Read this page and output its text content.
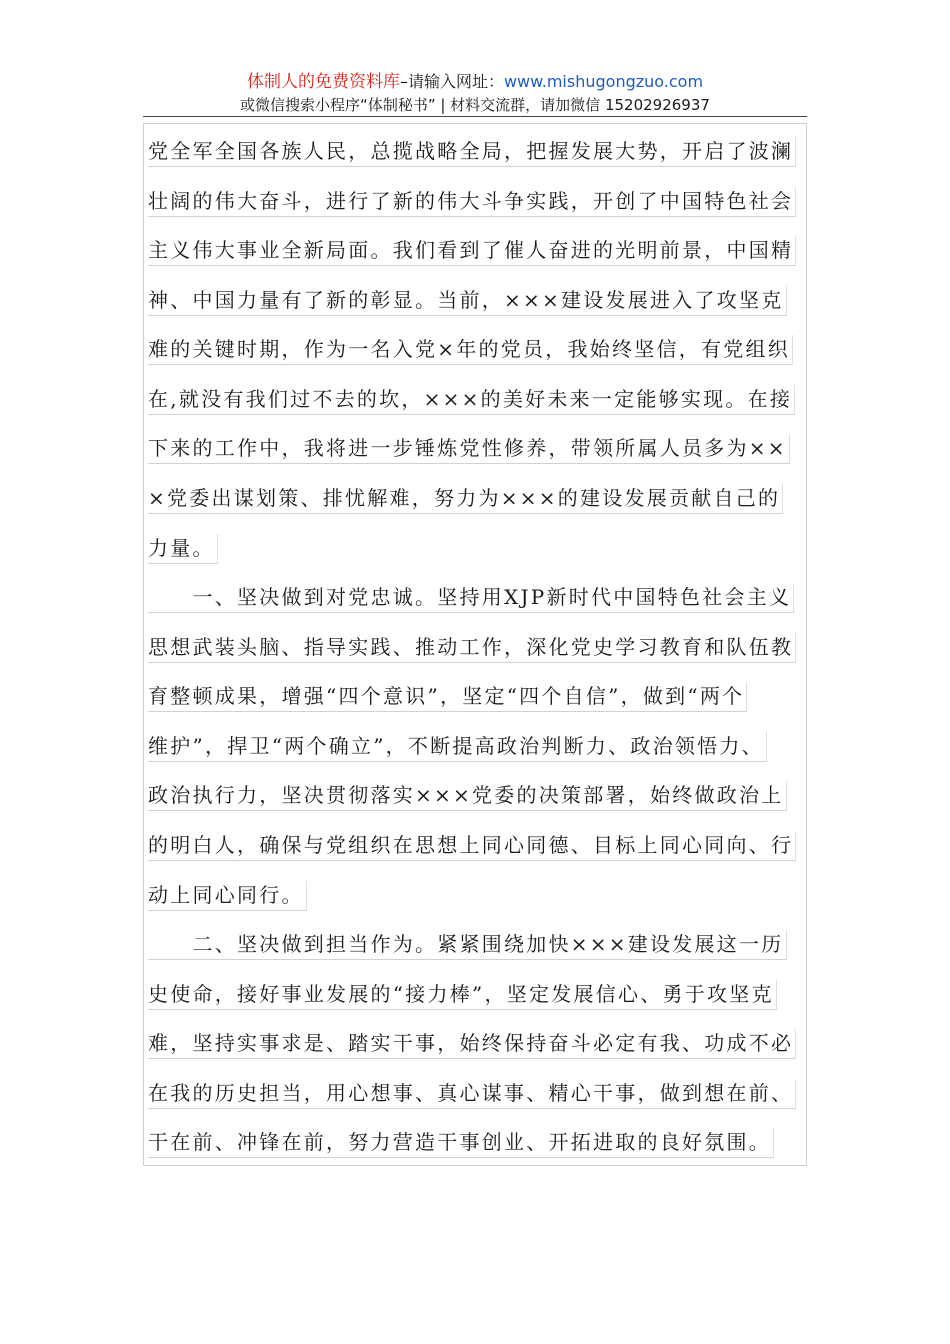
体制人的免费资料库–请输入网址：www.mishugongzuo.com
或微信搜索小程序“体制秘书” | 材料交流群，请加微信 15202926937
党全军全国各族人民，总揽战略全局，把握发展大势，开启了波澜
壮阔的伟大奋斗，进行了新的伟大斗争实践，开创了中国特色社会
主义伟大事业全新局面。我们看到了催人奋进的光明前景，中国精
神、中国力量有了新的彰显。当前，×××建设发展进入了攻坚克
难的关键时期，作为一名入党×年的党员，我始终坚信，有党组织
在,就没有我们过不去的坎，×××的美好未来一定能够实现。在接
下来的工作中，我将进一步锤炼党性修养，带领所属人员多为××
×党委出谋划策、排忧解难，努力为×××的建设发展贡献自己的
力量。
　　一、坚决做到对党忠诚。坚持用XJP新时代中国特色社会主义
思想武装头脑、指导实践、推动工作，深化党史学习教育和队伍教
育整顿成果，增强“四个意识”，坚定“四个自信”，做到“两个
维护”，捍卫“两个确立”，不断提高政治判断力、政治领悟力、
政治执行力，坚决贯彻落实×××党委的决策部署，始终做政治上
的明白人，确保与党组织在思想上同心同德、目标上同心同向、行
动上同心同行。
　　二、坚决做到担当作为。紧紧围绕加快×××建设发展这一历
史使命，接好事业发展的“接力棒”，坚定发展信心、勇于攻坚克
难，坚持实事求是、踏实干事，始终保持奋斗必定有我、功成不必
在我的历史担当，用心想事、真心谋事、精心干事，做到想在前、
干在前、冲锋在前，努力营造干事创业、开拓进取的良好氛围。
